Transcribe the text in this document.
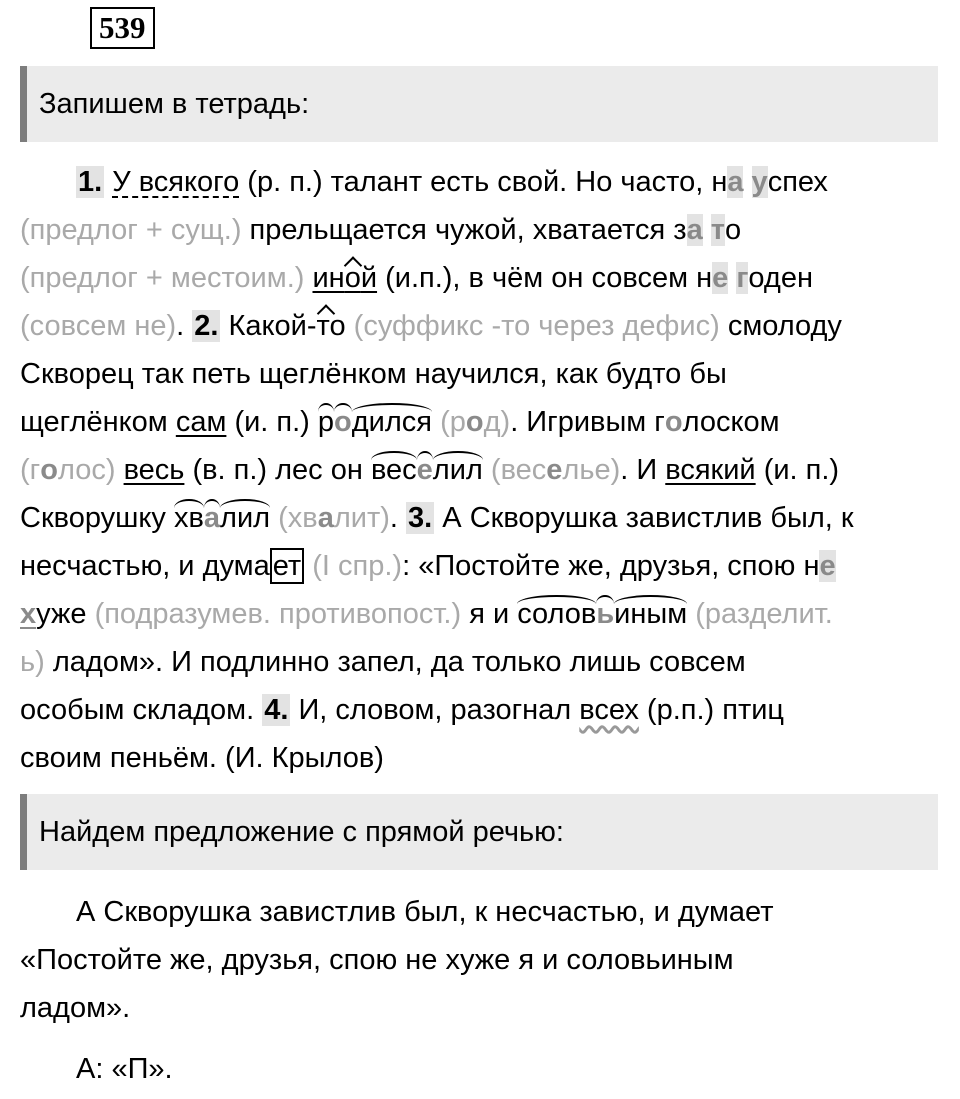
539
Запишем в тетрадь:
1. У всякого (р. п.) талант есть свой. Но часто, на успех
(предлог + сущ.) прельщается чужой, хватается за то
(предлог + местоим.) иной (и.п.), в чём он совсем не годен
(совсем не). 2. Какой-то (суффикс -то через дефис) смолоду
Скворец так петь щеглёнком научился, как будто бы
щеглёнком сам (и. п.) родился (род). Игривым голоском
(голос) весь (в. п.) лес он веселил (веселье). И всякий (и. п.)
Скворушку хвалил (хвалит). 3. А Скворушка завистлив был, к
несчастью, и дума ет (I спр.): «Постойте же, друзья, спою не
хуже (подразумев. противопост.) я и соловьиным (разделит.
ь) ладом». И подлинно запел, да только лишь совсем
особым складом. 4. И, словом, разогнал всех (р.п.) птиц
своим пеньём. (И. Крылов)
Найдем предложение с прямой речью:
А Скворушка завистлив был, к несчастью, и думает
«Постойте же, друзья, спою не хуже я и соловьиным
ладом».
А: «П».
